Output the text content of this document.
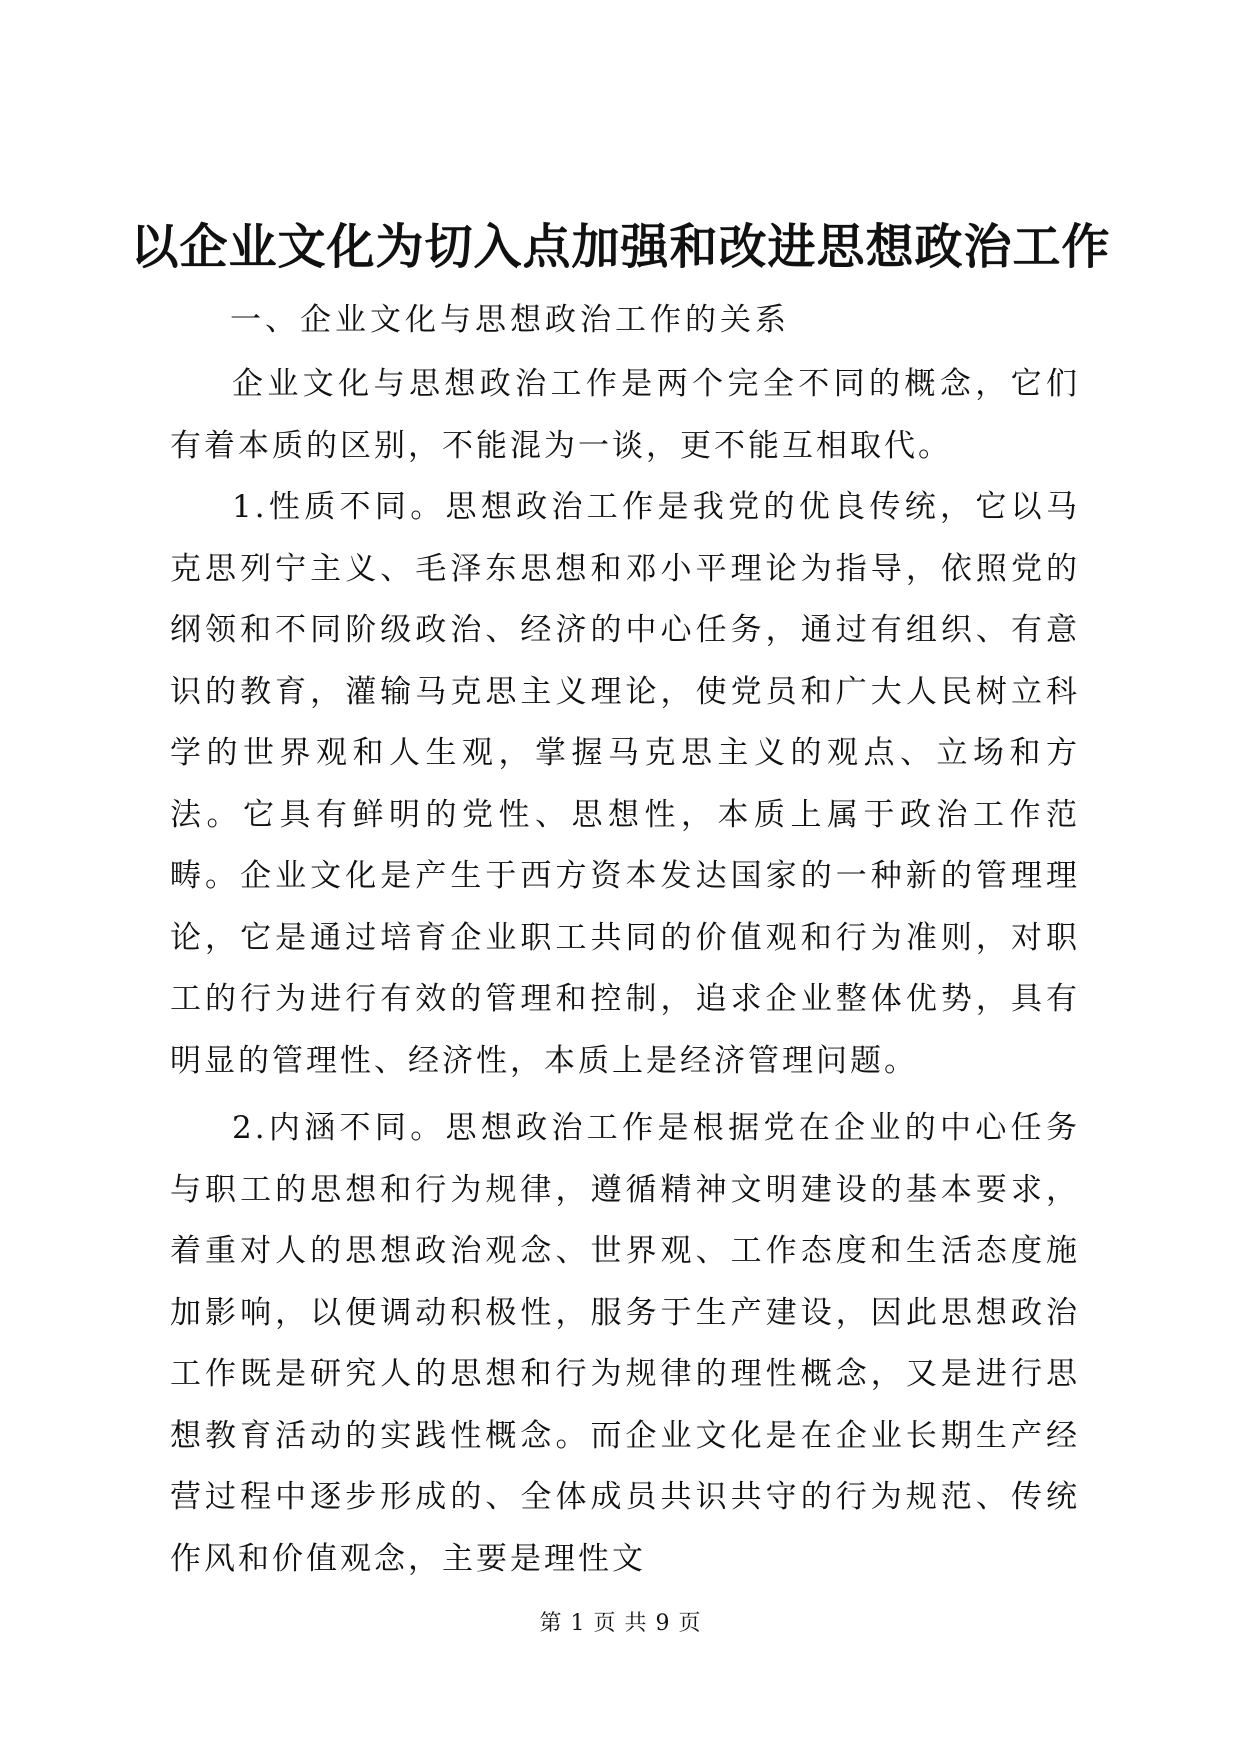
以企业文化为切入点加强和改进思想政治工作

一、企业文化与思想政治工作的关系

企业文化与思想政治工作是两个完全不同的概念，它们有着本质的区别，不能混为一谈，更不能互相取代。

1.性质不同。思想政治工作是我党的优良传统，它以马克思列宁主义、毛泽东思想和邓小平理论为指导，依照党的纲领和不同阶级政治、经济的中心任务，通过有组织、有意识的教育，灌输马克思主义理论，使党员和广大人民树立科学的世界观和人生观，掌握马克思主义的观点、立场和方法。它具有鲜明的党性、思想性，本质上属于政治工作范畴。企业文化是产生于西方资本发达国家的一种新的管理理论，它是通过培育企业职工共同的价值观和行为准则，对职工的行为进行有效的管理和控制，追求企业整体优势，具有明显的管理性、经济性，本质上是经济管理问题。

2.内涵不同。思想政治工作是根据党在企业的中心任务与职工的思想和行为规律，遵循精神文明建设的基本要求，着重对人的思想政治观念、世界观、工作态度和生活态度施加影响，以便调动积极性，服务于生产建设，因此思想政治工作既是研究人的思想和行为规律的理性概念，又是进行思想教育活动的实践性概念。而企业文化是在企业长期生产经营过程中逐步形成的、全体成员共识共守的行为规范、传统作风和价值观念，主要是理性文

第 1 页 共 9 页
